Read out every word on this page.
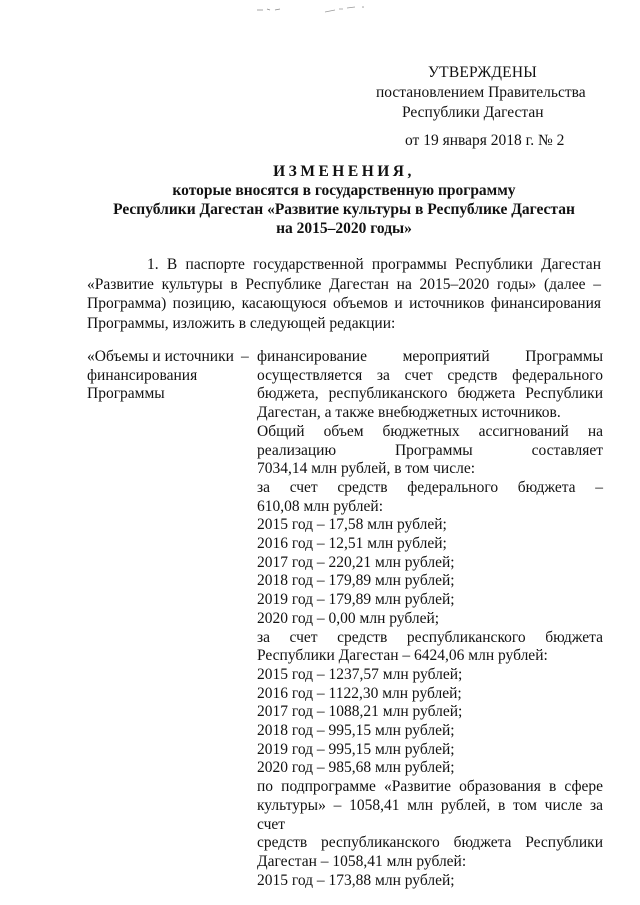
УТВЕРЖДЕНЫ
постановлением Правительства
Республики Дагестан
от 19 января 2018 г. № 2
ИЗМЕНЕНИЯ,
которые вносятся в государственную программу
Республики Дагестан «Развитие культуры в Республике Дагестан
на 2015–2020 годы»
1. В паспорте государственной программы Республики Дагестан
«Развитие культуры в Республике Дагестан на 2015–2020 годы» (далее –
Программа) позицию, касающуюся объемов и источников финансирования
Программы, изложить в следующей редакции:
«Объемы и источники
финансирования
Программы
– финансирование мероприятий Программы
осуществляется за счет средств федерального
бюджета, республиканского бюджета Республики
Дагестан, а также внебюджетных источников.
Общий объем бюджетных ассигнований на
реализацию Программы составляет
7034,14 млн рублей, в том числе:
за счет средств федерального бюджета –
610,08 млн рублей:
2015 год – 17,58 млн рублей;
2016 год – 12,51 млн рублей;
2017 год – 220,21 млн рублей;
2018 год – 179,89 млн рублей;
2019 год – 179,89 млн рублей;
2020 год – 0,00 млн рублей;
за счет средств республиканского бюджета
Республики Дагестан – 6424,06 млн рублей:
2015 год – 1237,57 млн рублей;
2016 год – 1122,30 млн рублей;
2017 год – 1088,21 млн рублей;
2018 год – 995,15 млн рублей;
2019 год – 995,15 млн рублей;
2020 год – 985,68 млн рублей;
по подпрограмме «Развитие образования в сфере
культуры» – 1058,41 млн рублей, в том числе за счет
средств республиканского бюджета Республики
Дагестан – 1058,41 млн рублей:
2015 год – 173,88 млн рублей;
